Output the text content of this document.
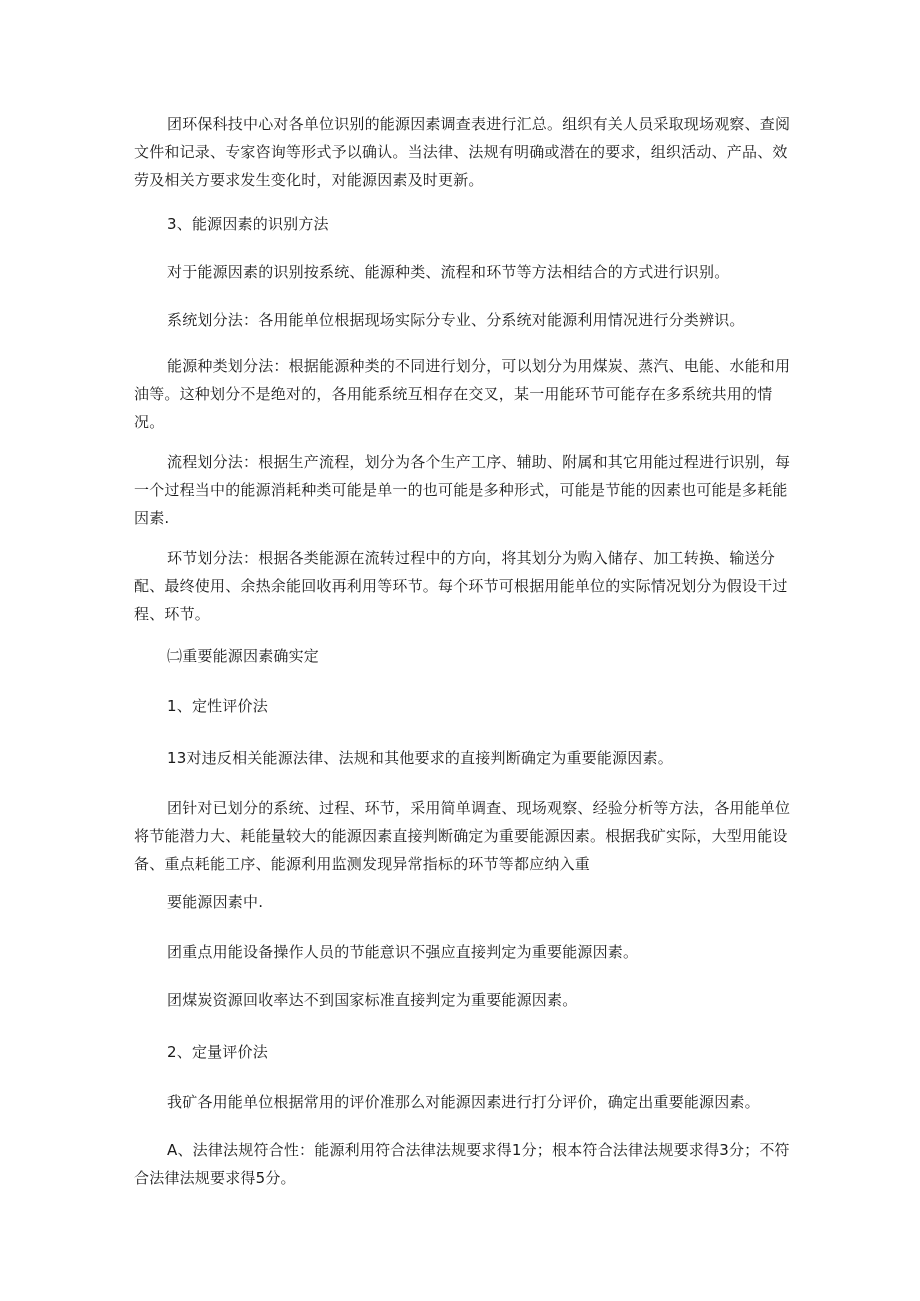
团环保科技中心对各单位识别的能源因素调查表进行汇总。组织有关人员采取现场观察、查阅文件和记录、专家咨询等形式予以确认。当法律、法规有明确或潜在的要求，组织活动、产品、效劳及相关方要求发生变化时，对能源因素及时更新。

3、能源因素的识别方法

对于能源因素的识别按系统、能源种类、流程和环节等方法相结合的方式进行识别。

系统划分法：各用能单位根据现场实际分专业、分系统对能源利用情况进行分类辨识。

能源种类划分法：根据能源种类的不同进行划分，可以划分为用煤炭、蒸汽、电能、水能和用油等。这种划分不是绝对的，各用能系统互相存在交叉，某一用能环节可能存在多系统共用的情况。

流程划分法：根据生产流程，划分为各个生产工序、辅助、附属和其它用能过程进行识别，每一个过程当中的能源消耗种类可能是单一的也可能是多种形式，可能是节能的因素也可能是多耗能因素.

环节划分法：根据各类能源在流转过程中的方向，将其划分为购入储存、加工转换、输送分配、最终使用、余热余能回收再利用等环节。每个环节可根据用能单位的实际情况划分为假设干过程、环节。

㈡重要能源因素确实定

1、定性评价法

13对违反相关能源法律、法规和其他要求的直接判断确定为重要能源因素。

团针对已划分的系统、过程、环节，采用简单调查、现场观察、经验分析等方法，各用能单位将节能潜力大、耗能量较大的能源因素直接判断确定为重要能源因素。根据我矿实际，大型用能设备、重点耗能工序、能源利用监测发现异常指标的环节等都应纳入重

要能源因素中.

团重点用能设备操作人员的节能意识不强应直接判定为重要能源因素。

团煤炭资源回收率达不到国家标准直接判定为重要能源因素。

2、定量评价法

我矿各用能单位根据常用的评价准那么对能源因素进行打分评价，确定出重要能源因素。

A、法律法规符合性：能源利用符合法律法规要求得1分；根本符合法律法规要求得3分；不符合法律法规要求得5分。
